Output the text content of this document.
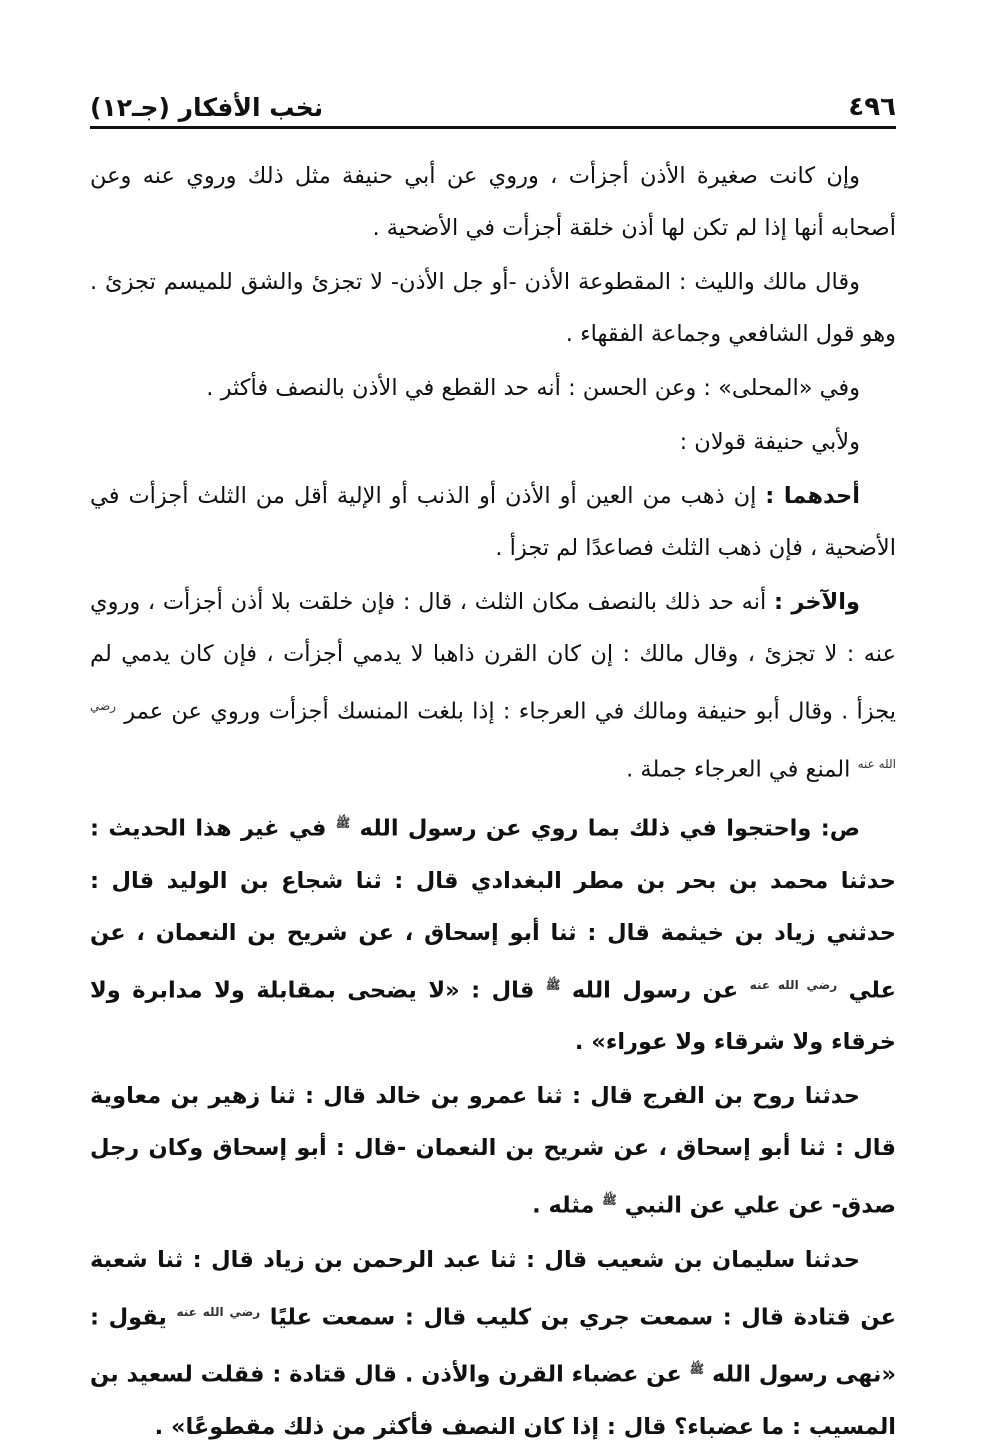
٤٩٦
نخب الأفكار (جـ١٢)

وإن كانت صغيرة الأذن أجزأت ، وروي عن أبي حنيفة مثل ذلك وروي عنه وعن أصحابه أنها إذا لم تكن لها أذن خلقة أجزأت في الأضحية .

وقال مالك والليث : المقطوعة الأذن -أو جل الأذن- لا تجزئ والشق للميسم تجزئ . وهو قول الشافعي وجماعة الفقهاء .

وفي «المحلى» : وعن الحسن : أنه حد القطع في الأذن بالنصف فأكثر .

ولأبي حنيفة قولان :

أحدهما : إن ذهب من العين أو الأذن أو الذنب أو الإلية أقل من الثلث أجزأت في الأضحية ، فإن ذهب الثلث فصاعدًا لم تجزأ .

والآخر : أنه حد ذلك بالنصف مكان الثلث ، قال : فإن خلقت بلا أذن أجزأت ، وروي عنه : لا تجزئ ، وقال مالك : إن كان القرن ذاهبا لا يدمي أجزأت ، فإن كان يدمي لم يجزأ . وقال أبو حنيفة ومالك في العرجاء : إذا بلغت المنسك أجزأت وروي عن عمر $^{رضي الله عنه}$ المنع في العرجاء جملة .

ص: واحتجوا في ذلك بما روي عن رسول الله $^ﷺ$ في غير هذا الحديث : حدثنا محمد بن بحر بن مطر البغدادي قال : ثنا شجاع بن الوليد قال : حدثني زياد بن خيثمة قال : ثنا أبو إسحاق ، عن شريح بن النعمان ، عن علي $^{رضي الله عنه}$ عن رسول الله $^ﷺ$ قال : «لا يضحى بمقابلة ولا مدابرة ولا خرقاء ولا شرقاء ولا عوراء» .

حدثنا روح بن الفرج قال : ثنا عمرو بن خالد قال : ثنا زهير بن معاوية قال : ثنا أبو إسحاق ، عن شريح بن النعمان -قال : أبو إسحاق وكان رجل صدق- عن علي عن النبي $^ﷺ$ مثله .

حدثنا سليمان بن شعيب قال : ثنا عبد الرحمن بن زياد قال : ثنا شعبة عن قتادة قال : سمعت جري بن كليب قال : سمعت عليًا $^{رضي الله عنه}$ يقول : «نهى رسول الله $^ﷺ$ عن عضباء القرن والأذن . قال قتادة : فقلت لسعيد بن المسيب : ما عضباء؟ قال : إذا كان النصف فأكثر من ذلك مقطوعًا» .
